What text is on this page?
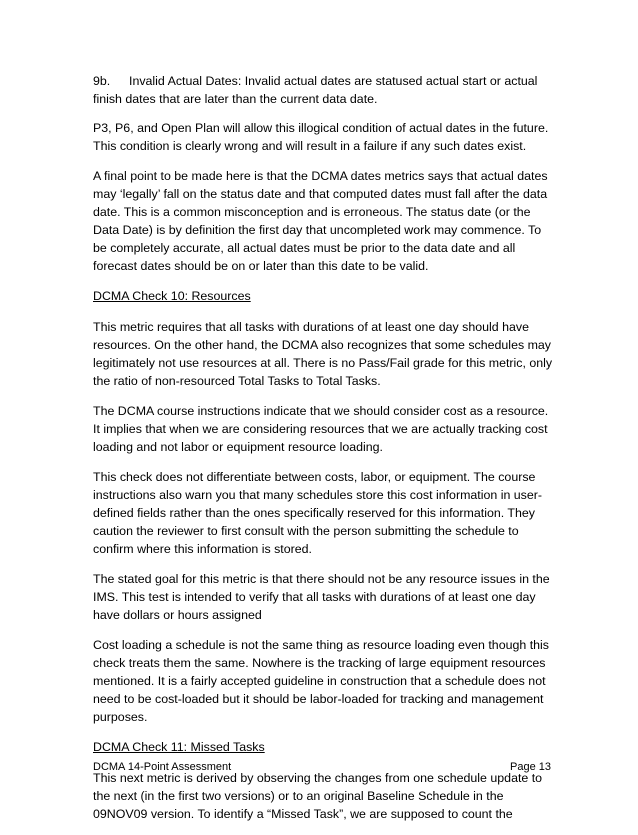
9b. Invalid Actual Dates: Invalid actual dates are statused actual start or actual finish dates that are later than the current data date.

P3, P6, and Open Plan will allow this illogical condition of actual dates in the future. This condition is clearly wrong and will result in a failure if any such dates exist.

A final point to be made here is that the DCMA dates metrics says that actual dates may ‘legally’ fall on the status date and that computed dates must fall after the data date. This is a common misconception and is erroneous. The status date (or the Data Date) is by definition the first day that uncompleted work may commence. To be completely accurate, all actual dates must be prior to the data date and all forecast dates should be on or later than this date to be valid.

DCMA Check 10: Resources

This metric requires that all tasks with durations of at least one day should have resources. On the other hand, the DCMA also recognizes that some schedules may legitimately not use resources at all. There is no Pass/Fail grade for this metric, only the ratio of non-resourced Total Tasks to Total Tasks.

The DCMA course instructions indicate that we should consider cost as a resource. It implies that when we are considering resources that we are actually tracking cost loading and not labor or equipment resource loading.

This check does not differentiate between costs, labor, or equipment. The course instructions also warn you that many schedules store this cost information in user-defined fields rather than the ones specifically reserved for this information. They caution the reviewer to first consult with the person submitting the schedule to confirm where this information is stored.

The stated goal for this metric is that there should not be any resource issues in the IMS. This test is intended to verify that all tasks with durations of at least one day have dollars or hours assigned

Cost loading a schedule is not the same thing as resource loading even though this check treats them the same. Nowhere is the tracking of large equipment resources mentioned. It is a fairly accepted guideline in construction that a schedule does not need to be cost-loaded but it should be labor-loaded for tracking and management purposes.

DCMA Check 11: Missed Tasks

This next metric is derived by observing the changes from one schedule update to the next (in the first two versions) or to an original Baseline Schedule in the 09NOV09 version. To identify a “Missed Task”, we are supposed to count the

DCMA 14-Point Assessment	Page 13
